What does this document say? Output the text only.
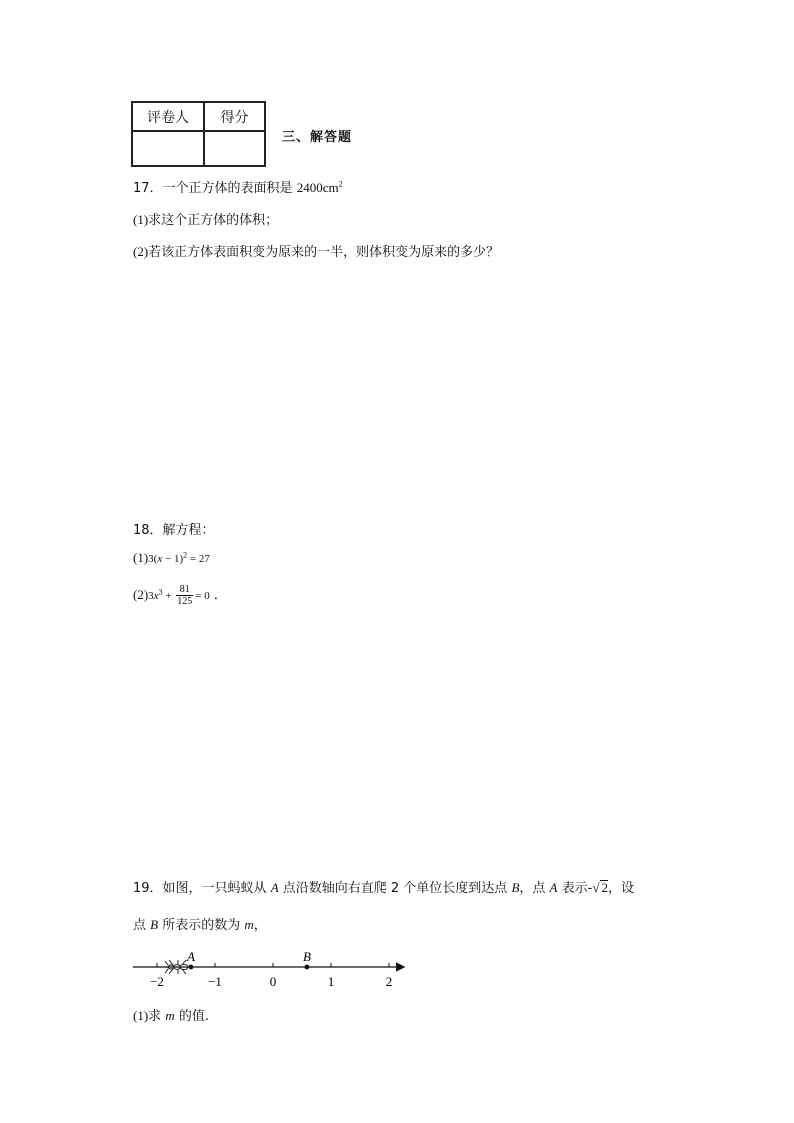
评卷人	得分

三、解答题
17．一个正方体的表面积是 $2400cm^2$
(1)求这个正方体的体积；
(2)若该正方体表面积变为原来的一半，则体积变为原来的多少？
18．解方程：
$(1)3(x - 1)^2 = 27$
$(2)3x^3 + \frac{81}{125} = 0$ ．
19．如图，一只蚂蚁从 A 点沿数轴向右直爬 2 个单位长度到达点 B，点 A 表示-√ 2，设
点 B 所表示的数为 m，
−2	−1	0	1	2
A	B
(1)求 m 的值.
